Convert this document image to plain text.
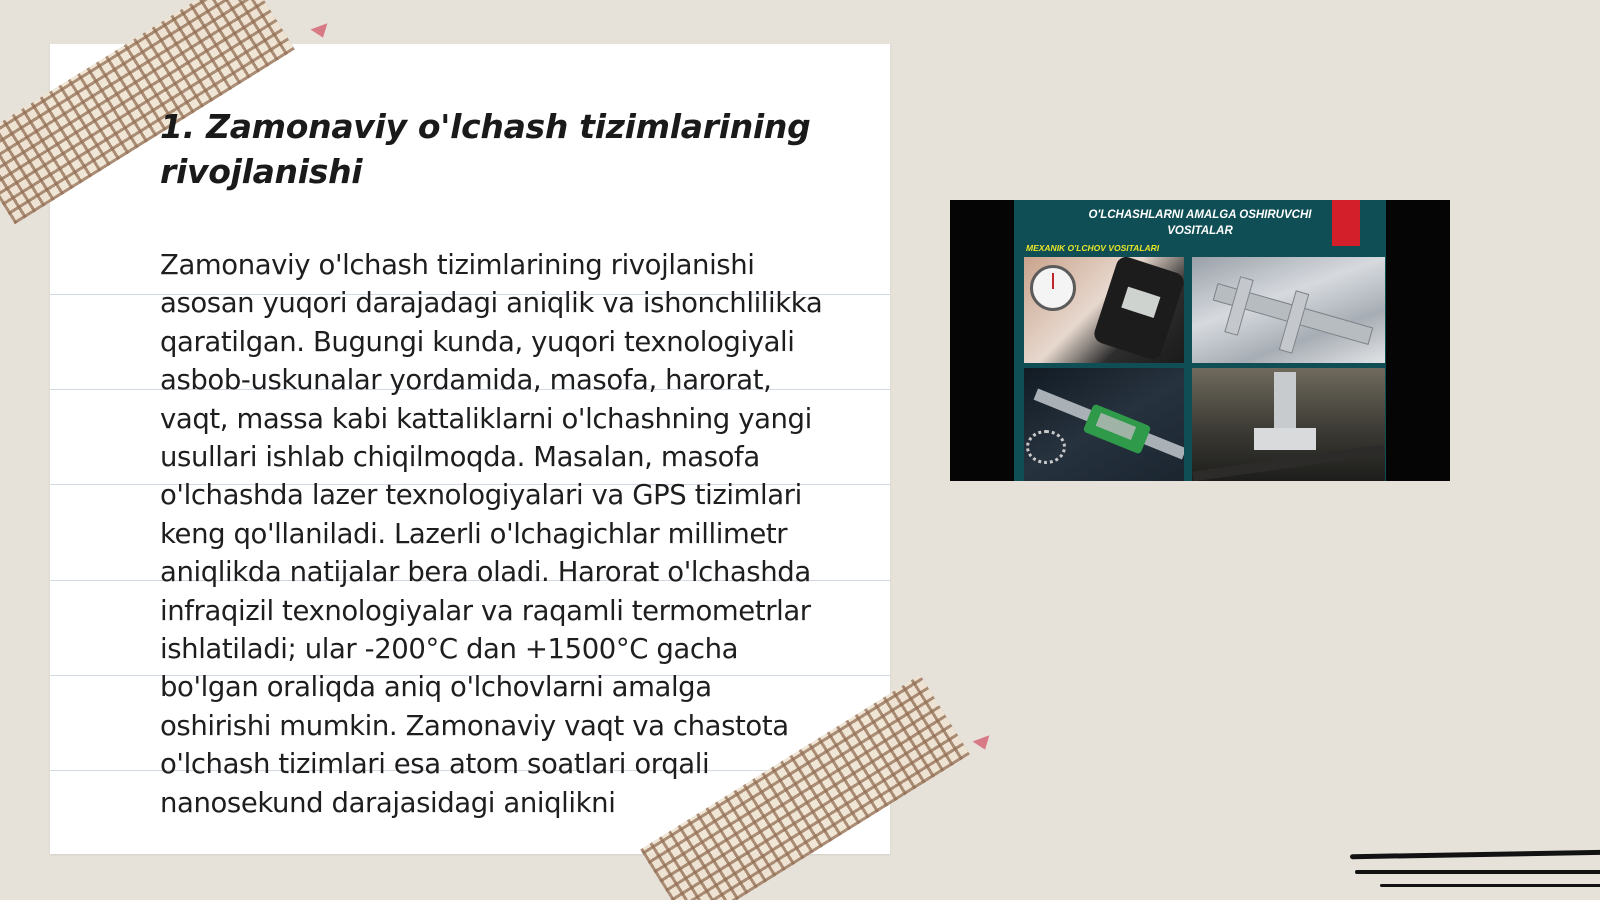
1. Zamonaviy o'lchash tizimlarining rivojlanishi

Zamonaviy o'lchash tizimlarining rivojlanishi asosan yuqori darajadagi aniqlik va ishonchlilikka qaratilgan. Bugungi kunda, yuqori texnologiyali asbob-uskunalar yordamida, masofa, harorat, vaqt, massa kabi kattaliklarni o'lchashning yangi usullari ishlab chiqilmoqda. Masalan, masofa o'lchashda lazer texnologiyalari va GPS tizimlari keng qo'llaniladi. Lazerli o'lchagichlar millimetr aniqlikda natijalar bera oladi. Harorat o'lchashda infraqizil texnologiyalar va raqamli termometrlar ishlatiladi; ular -200°C dan +1500°C gacha bo'lgan oraliqda aniq o'lchovlarni amalga oshirishi mumkin. Zamonaviy vaqt va chastota o'lchash tizimlari esa atom soatlari orqali nanosekund darajasidagi aniqlikni

O'LCHASHLARNI AMALGA OSHIRUVCHI
VOSITALAR
MEXANIK O'LCHOV VOSITALARI
